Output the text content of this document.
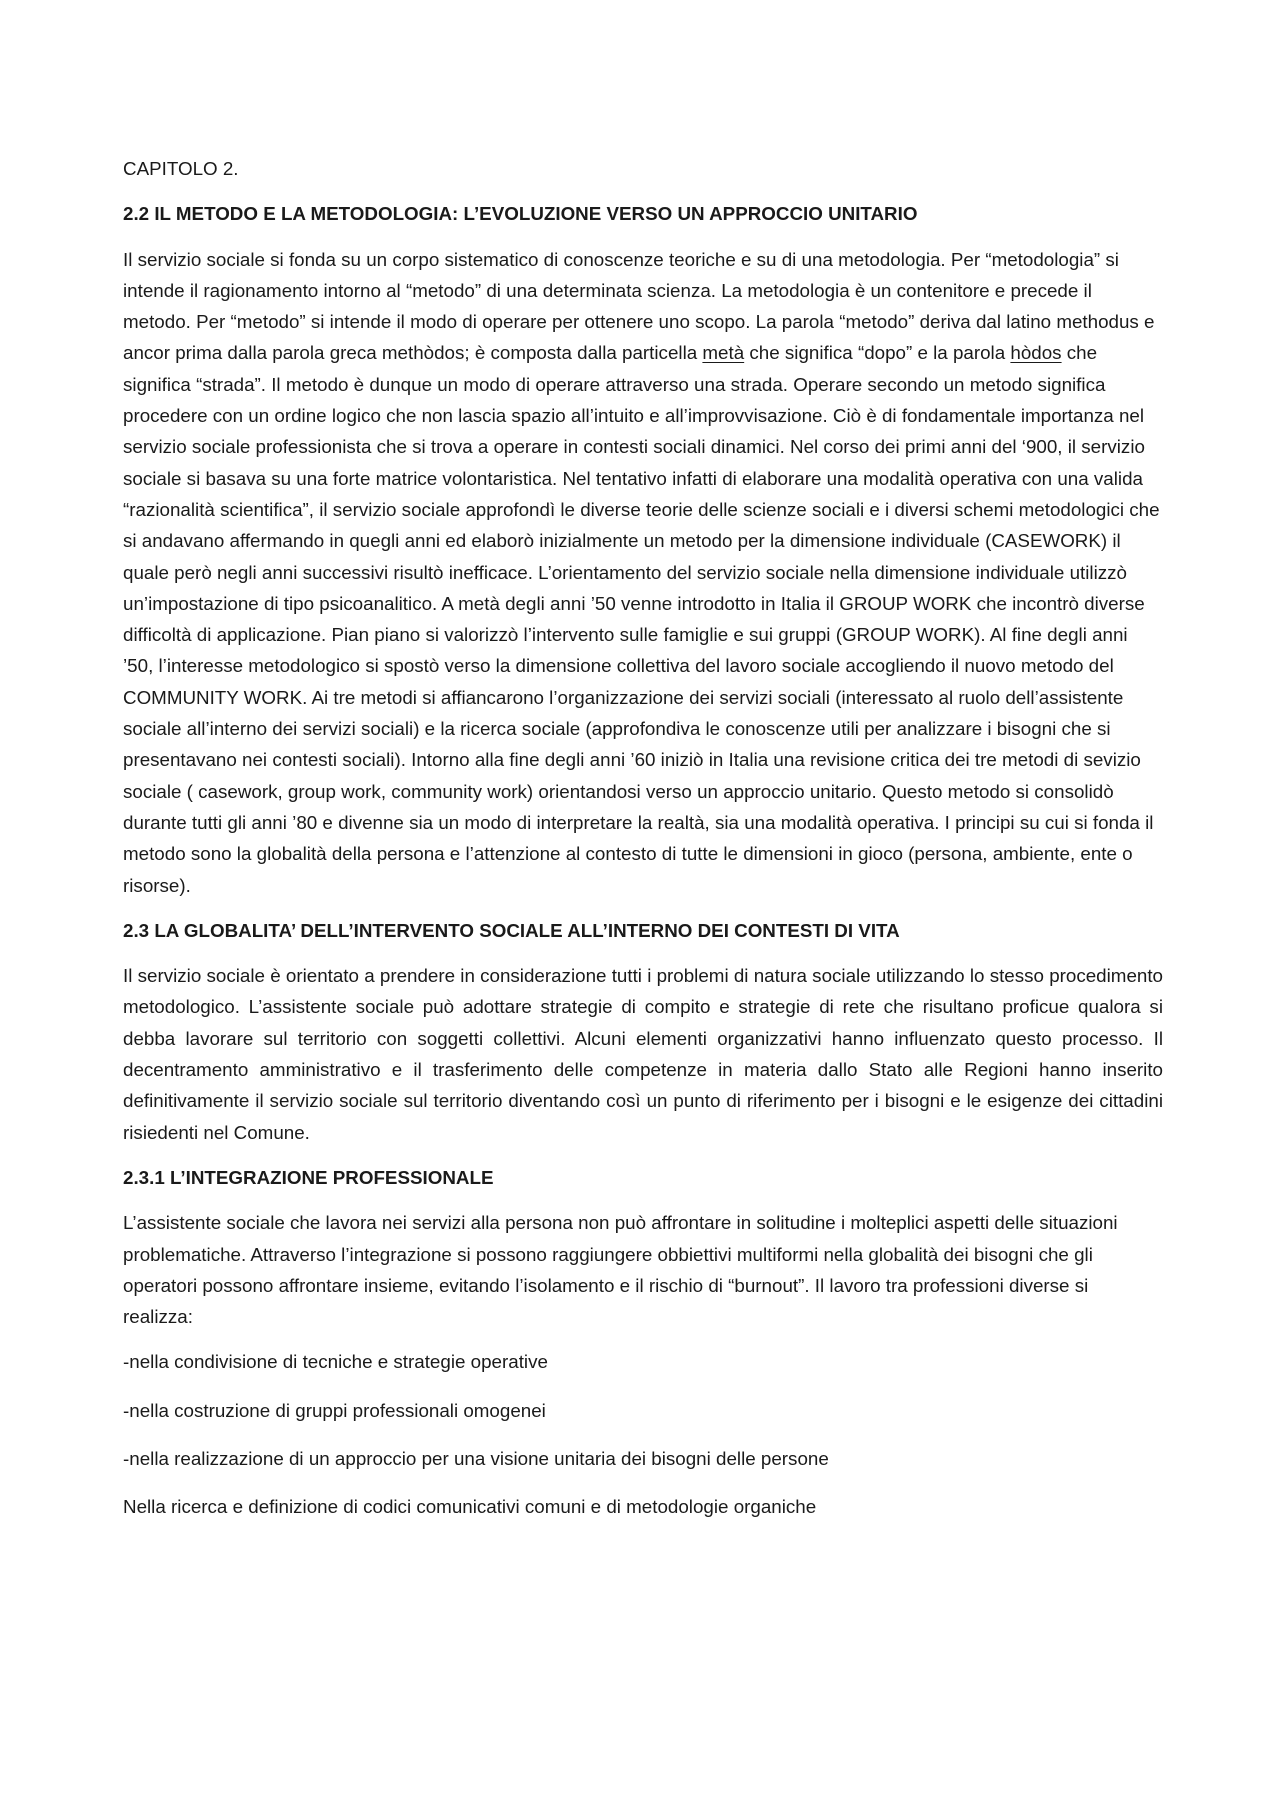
CAPITOLO 2.

2.2 IL METODO E LA METODOLOGIA: L’EVOLUZIONE VERSO UN APPROCCIO UNITARIO

Il servizio sociale si fonda su un corpo sistematico di conoscenze teoriche e su di una metodologia. Per “metodologia” si intende il ragionamento intorno al “metodo” di una determinata scienza. La metodologia è un contenitore e precede il metodo. Per “metodo” si intende il modo di operare per ottenere uno scopo. La parola “metodo” deriva dal latino methodus e ancor prima dalla parola greca methòdos; è composta dalla particella metà che significa “dopo” e la parola hòdos che significa “strada”. Il metodo è dunque un modo di operare attraverso una strada. Operare secondo un metodo significa procedere con un ordine logico che non lascia spazio all’intuito e all’improvvisazione. Ciò è di fondamentale importanza nel servizio sociale professionista che si trova a operare in contesti sociali dinamici. Nel corso dei primi anni del ‘900, il servizio sociale si basava su una forte matrice volontaristica. Nel tentativo infatti di elaborare una modalità operativa con una valida “razionalità scientifica”, il servizio sociale approfondì le diverse teorie delle scienze sociali e i diversi schemi metodologici che si andavano affermando in quegli anni ed elaborò inizialmente un metodo per la dimensione individuale (CASEWORK) il quale però negli anni successivi risultò inefficace. L’orientamento del servizio sociale nella dimensione individuale utilizzò un’impostazione di tipo psicoanalitico. A metà degli anni ’50 venne introdotto in Italia il GROUP WORK che incontrò diverse difficoltà di applicazione. Pian piano si valorizzò l’intervento sulle famiglie e sui gruppi (GROUP WORK). Al fine degli anni ’50, l’interesse metodologico si spostò verso la dimensione collettiva del lavoro sociale accogliendo il nuovo metodo del COMMUNITY WORK. Ai tre metodi si affiancarono l’organizzazione dei servizi sociali (interessato al ruolo dell’assistente sociale all’interno dei servizi sociali) e la ricerca sociale (approfondiva le conoscenze utili per analizzare i bisogni che si presentavano nei contesti sociali). Intorno alla fine degli anni ’60 iniziò in Italia una revisione critica dei tre metodi di sevizio sociale ( casework, group work, community work) orientandosi verso un approccio unitario. Questo metodo si consolidò durante tutti gli anni ’80 e divenne sia un modo di interpretare la realtà, sia una modalità operativa. I principi su cui si fonda il metodo sono la globalità della persona e l’attenzione al contesto di tutte le dimensioni in gioco (persona, ambiente, ente o risorse).

2.3 LA GLOBALITA’ DELL’INTERVENTO SOCIALE ALL’INTERNO DEI CONTESTI DI VITA

Il servizio sociale è orientato a prendere in considerazione tutti i problemi di natura sociale utilizzando lo stesso procedimento metodologico. L’assistente sociale può adottare strategie di compito e strategie di rete che risultano proficue qualora si debba lavorare sul territorio con soggetti collettivi. Alcuni elementi organizzativi hanno influenzato questo processo. Il decentramento amministrativo e il trasferimento delle competenze in materia dallo Stato alle Regioni hanno inserito definitivamente il servizio sociale sul territorio diventando così un punto di riferimento per i bisogni e le esigenze dei cittadini risiedenti nel Comune.

2.3.1 L’INTEGRAZIONE PROFESSIONALE

L’assistente sociale che lavora nei servizi alla persona non può affrontare in solitudine i molteplici aspetti delle situazioni problematiche. Attraverso l’integrazione si possono raggiungere obbiettivi multiformi nella globalità dei bisogni che gli operatori possono affrontare insieme, evitando l’isolamento e il rischio di “burnout”. Il lavoro tra professioni diverse si realizza:

-nella condivisione di tecniche e strategie operative

-nella costruzione di gruppi professionali omogenei

-nella realizzazione di un approccio per una visione unitaria dei bisogni delle persone

Nella ricerca e definizione di codici comunicativi comuni e di metodologie organiche
